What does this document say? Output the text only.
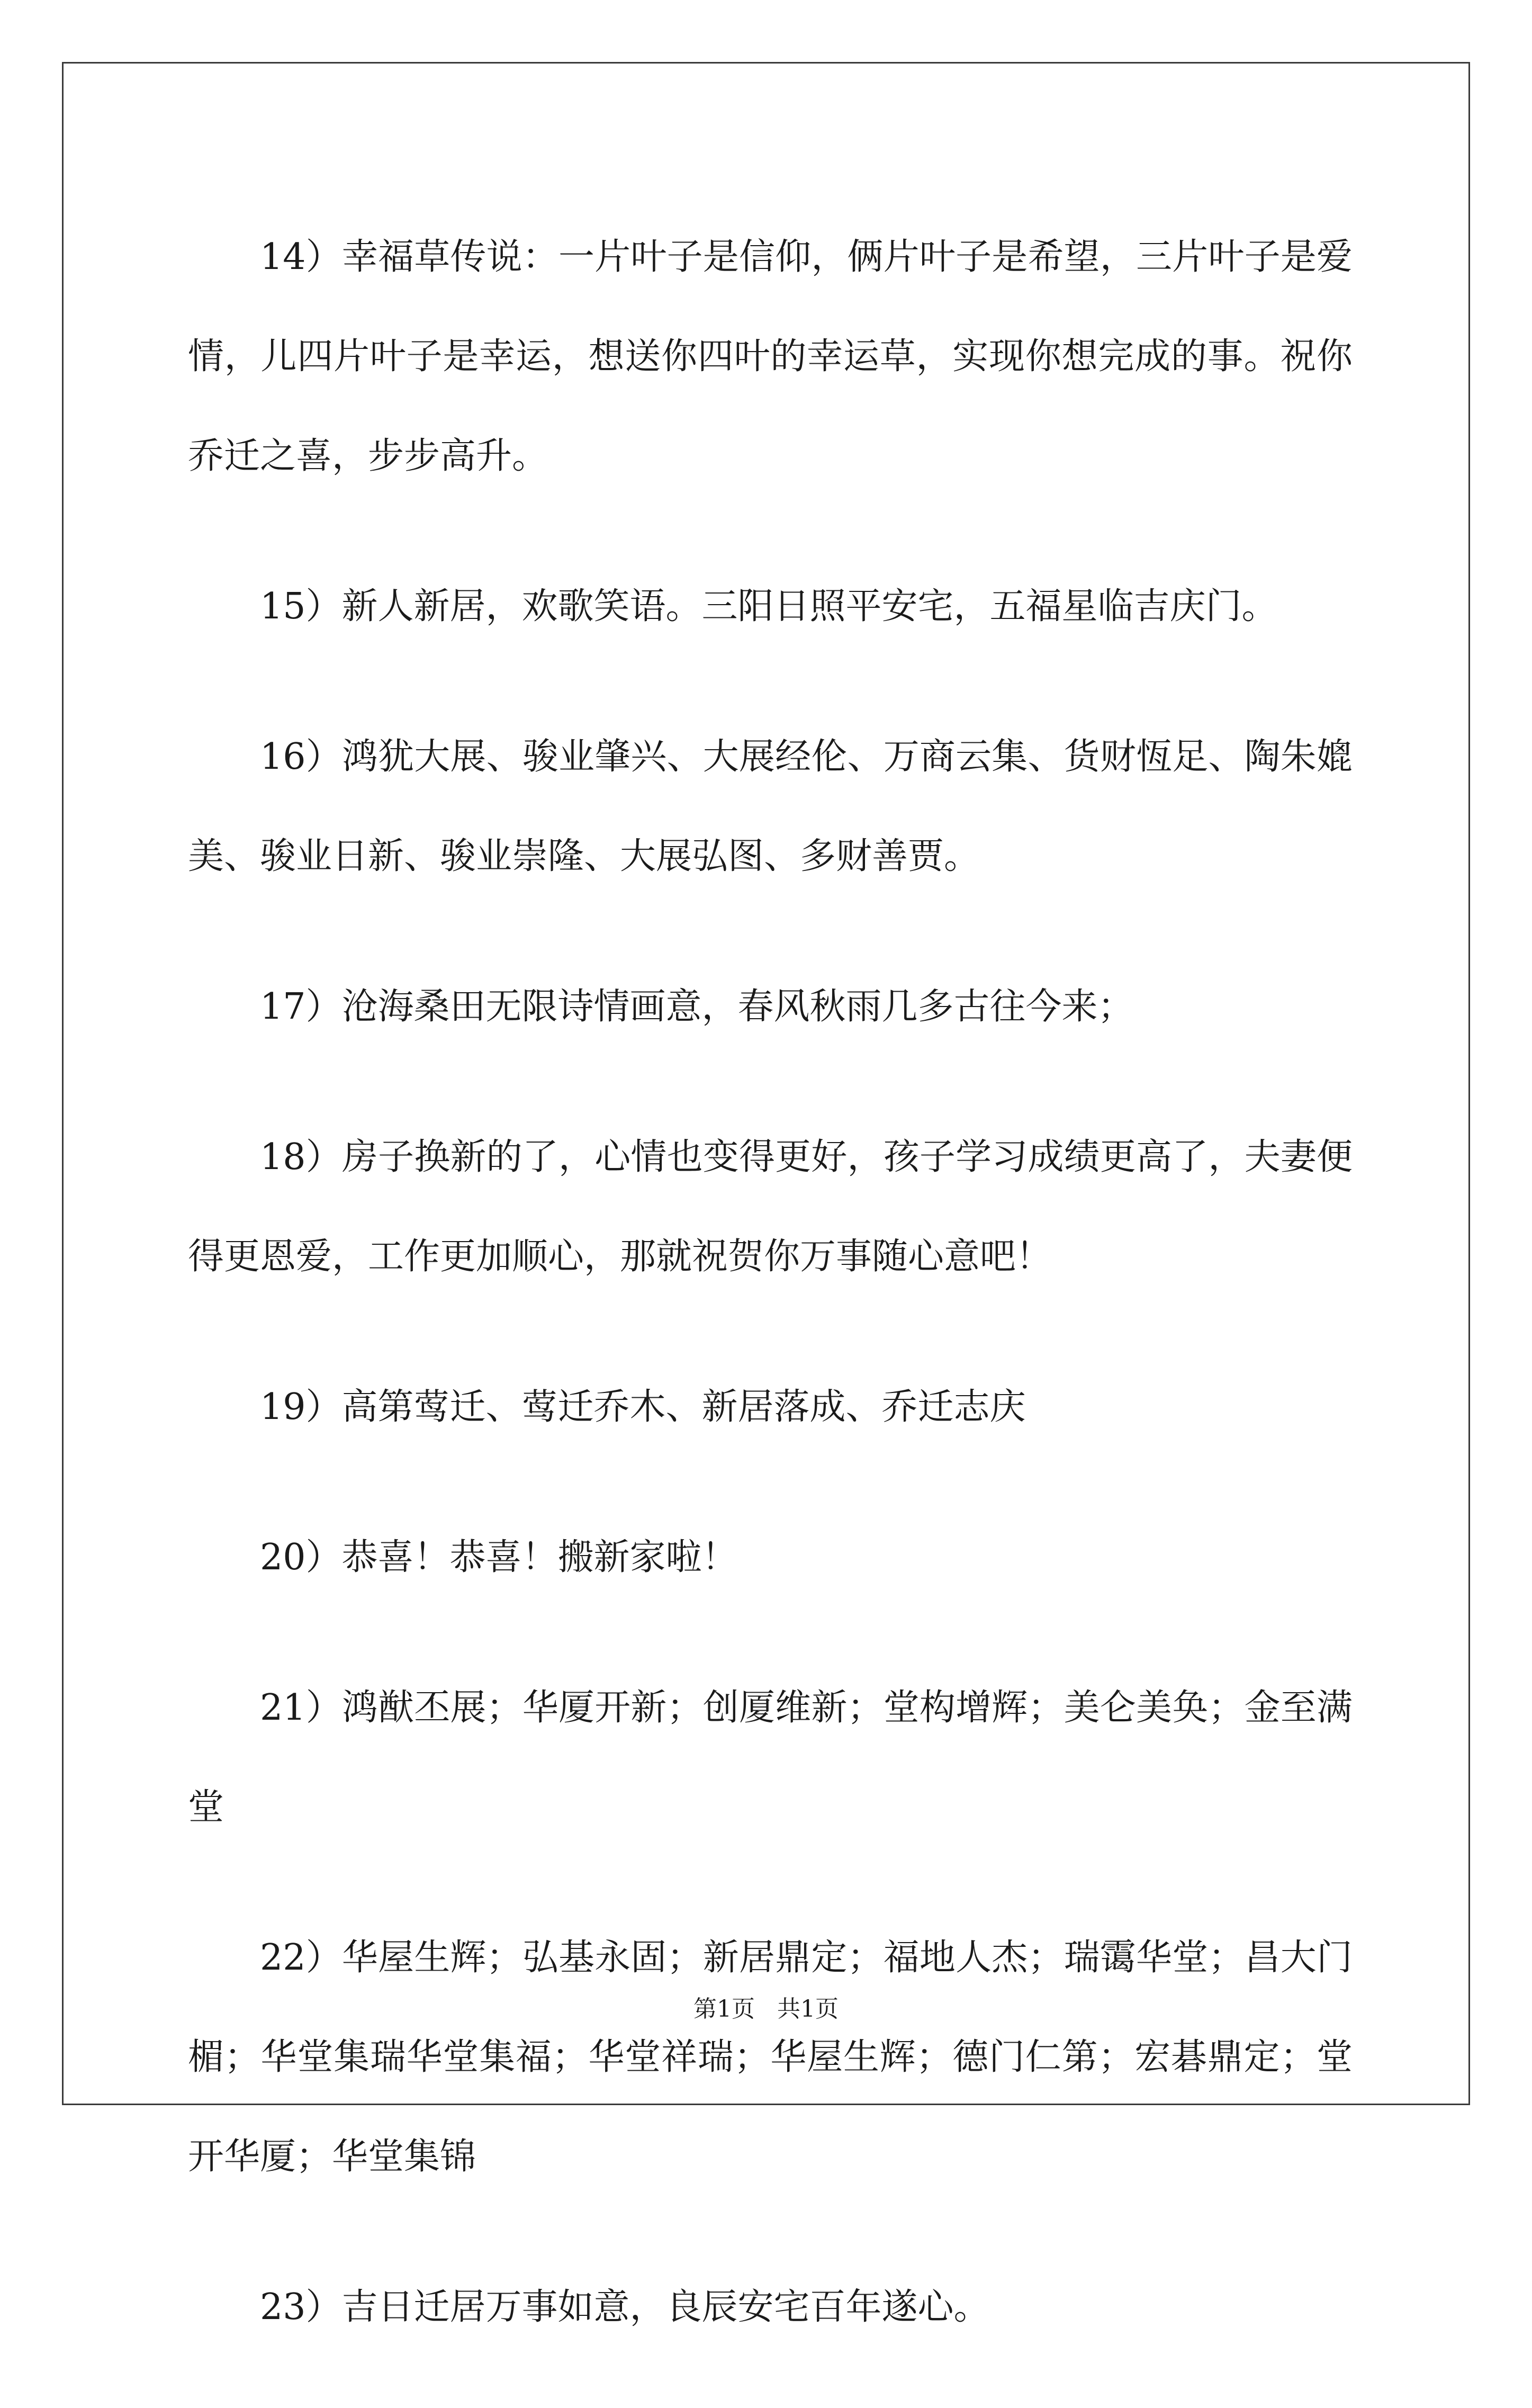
14）幸福草传说：一片叶子是信仰，俩片叶子是希望，三片叶子是爱情，儿四片叶子是幸运，想送你四叶的幸运草，实现你想完成的事。祝你乔迁之喜，步步高升。

15）新人新居，欢歌笑语。三阳日照平安宅，五福星临吉庆门。

16）鸿犹大展、骏业肇兴、大展经伦、万商云集、货财恆足、陶朱媲美、骏业日新、骏业崇隆、大展弘图、多财善贾。

17）沧海桑田无限诗情画意，春风秋雨几多古往今来；

18）房子换新的了，心情也变得更好，孩子学习成绩更高了，夫妻便得更恩爱，工作更加顺心，那就祝贺你万事随心意吧！

19）高第莺迁、莺迁乔木、新居落成、乔迁志庆

20）恭喜！恭喜！搬新家啦！

21）鸿猷丕展；华厦开新；创厦维新；堂构增辉；美仑美奂；金至满堂

22）华屋生辉；弘基永固；新居鼎定；福地人杰；瑞霭华堂；昌大门楣；华堂集瑞华堂集福；华堂祥瑞；华屋生辉；德门仁第；宏碁鼎定；堂开华厦；华堂集锦

23）吉日迁居万事如意，良辰安宅百年遂心。

第1页 共1页
